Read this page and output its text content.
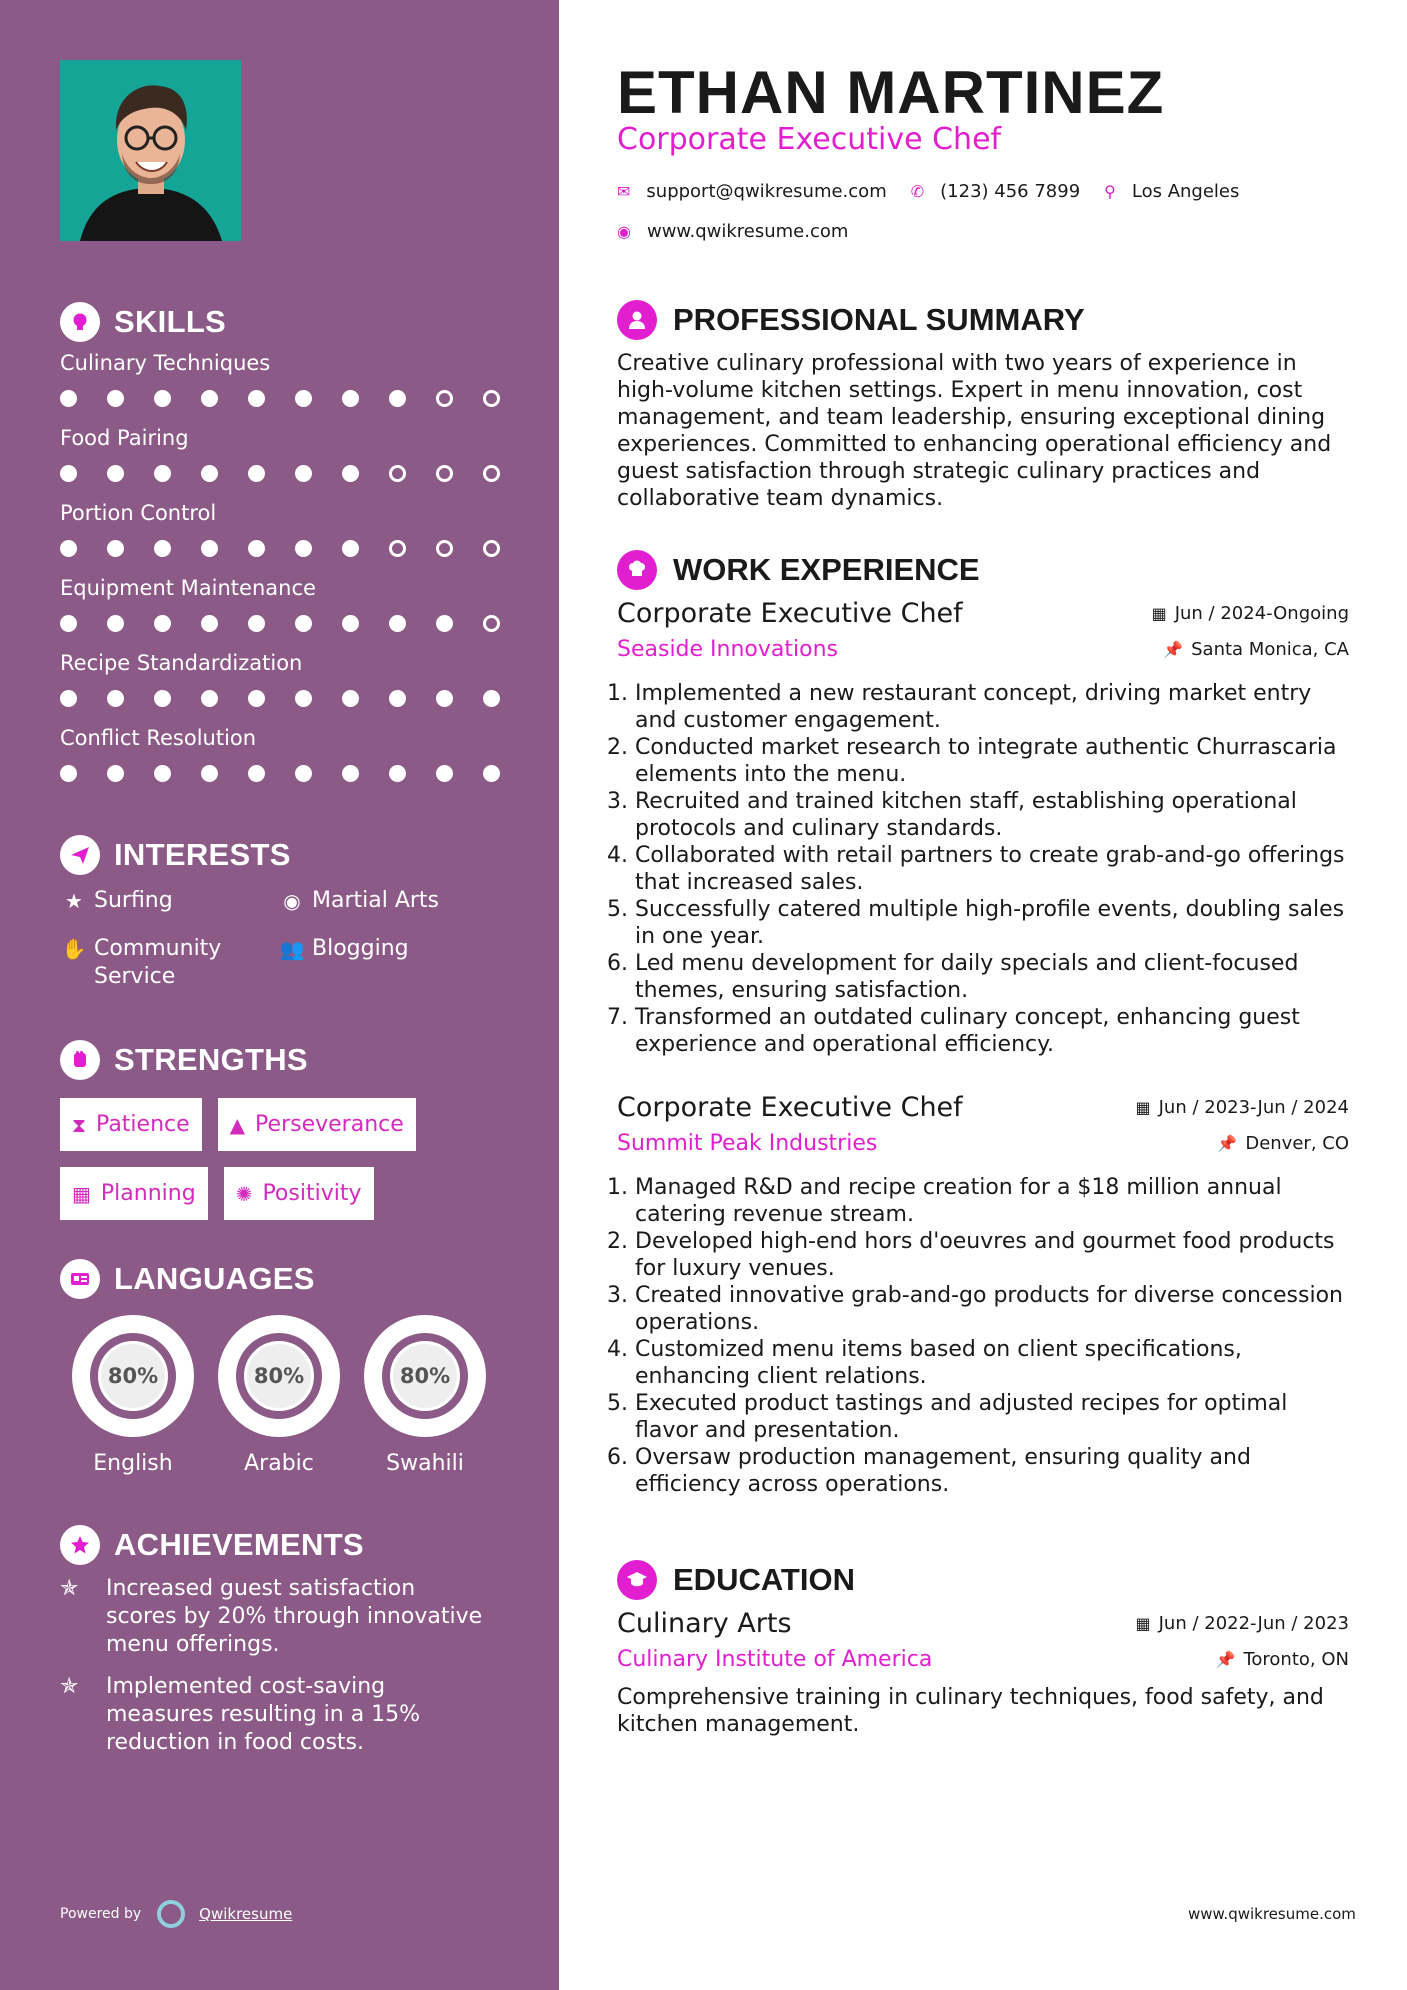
SKILLS
Culinary Techniques
Food Pairing
Portion Control
Equipment Maintenance
Recipe Standardization
Conflict Resolution
INTERESTS
★ Surfing	◉ Martial Arts
✋ Community Service
👥 Blogging
STRENGTHS
⧗ Patience ▲ Perseverance
▦ Planning ✺ Positivity
LANGUAGES
80%
English
80%
Arabic
80%
Swahili
ACHIEVEMENTS
✯	Increased guest satisfaction scores by 20% through innovative menu offerings.
✯	Implemented cost-saving measures resulting in a 15% reduction in food costs.
Powered by	Qwikresume
ETHAN MARTINEZ
Corporate Executive Chef
✉ support@qwikresume.com ✆ (123) 456 7899 ⚲ Los Angeles
◉ www.qwikresume.com
PROFESSIONAL SUMMARY

Creative culinary professional with two years of experience in high-volume kitchen settings. Expert in menu innovation, cost management, and team leadership, ensuring exceptional dining experiences. Committed to enhancing operational efficiency and guest satisfaction through strategic culinary practices and collaborative team dynamics.

WORK EXPERIENCE
Corporate Executive Chef	▦ Jun / 2024-Ongoing
Seaside Innovations	📌 Santa Monica, CA
1. Implemented a new restaurant concept, driving market entry and customer engagement.
2. Conducted market research to integrate authentic Churrascaria elements into the menu.
3. Recruited and trained kitchen staff, establishing operational protocols and culinary standards.
4. Collaborated with retail partners to create grab-and-go offerings that increased sales.
5. Successfully catered multiple high-profile events, doubling sales in one year.
6. Led menu development for daily specials and client-focused themes, ensuring satisfaction.
7. Transformed an outdated culinary concept, enhancing guest experience and operational efficiency.
Corporate Executive Chef	▦ Jun / 2023-Jun / 2024
Summit Peak Industries	📌 Denver, CO
1. Managed R&D and recipe creation for a $18 million annual catering revenue stream.
2. Developed high-end hors d'oeuvres and gourmet food products for luxury venues.
3. Created innovative grab-and-go products for diverse concession operations.
4. Customized menu items based on client specifications, enhancing client relations.
5. Executed product tastings and adjusted recipes for optimal flavor and presentation.
6. Oversaw production management, ensuring quality and efficiency across operations.
EDUCATION
Culinary Arts	▦ Jun / 2022-Jun / 2023
Culinary Institute of America	📌 Toronto, ON

Comprehensive training in culinary techniques, food safety, and kitchen management.

www.qwikresume.com
